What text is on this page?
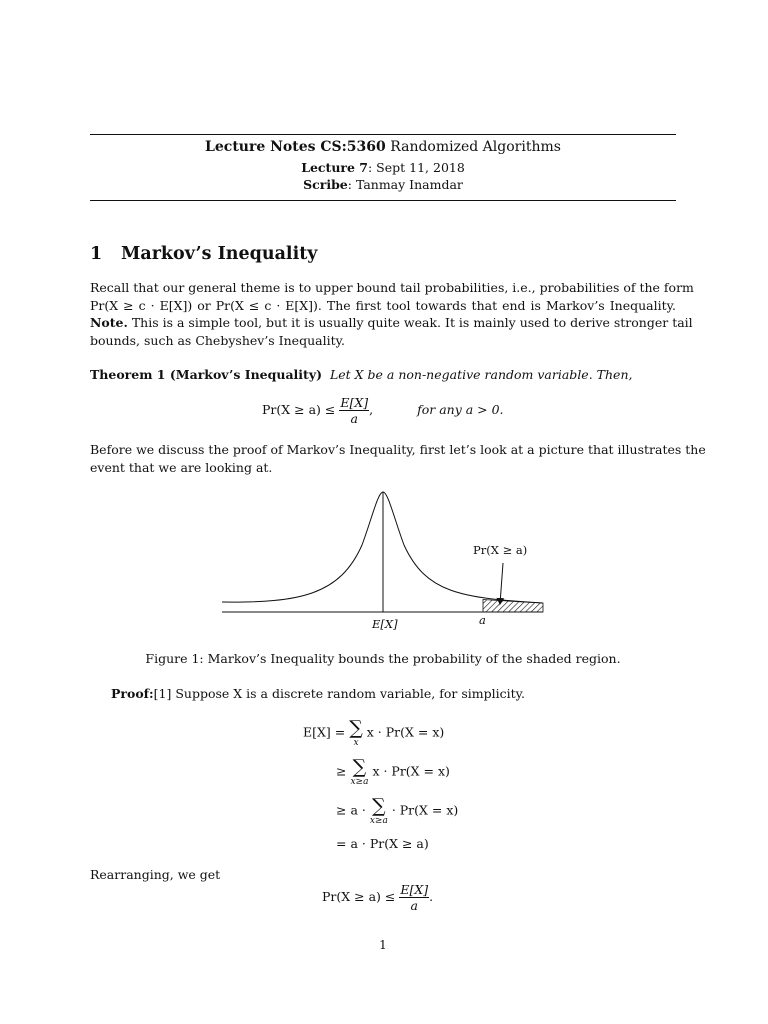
Lecture Notes CS:5360 Randomized Algorithms
Lecture 7: Sept 11, 2018
Scribe: Tanmay Inamdar
1 Markov’s Inequality
Recall that our general theme is to upper bound tail probabilities, i.e., probabilities of the form
Pr(X ≥ c · E[X]) or Pr(X ≤ c · E[X]). The first tool towards that end is Markov’s Inequality.
Note. This is a simple tool, but it is usually quite weak. It is mainly used to derive stronger tail
bounds, such as Chebyshev’s Inequality.
Theorem 1 (Markov’s Inequality) Let X be a non-negative random variable. Then,
$Pr(X \ge a) \le \frac{E[X]}{a}$ ,	for any a > 0.
Before we discuss the proof of Markov’s Inequality, first let’s look at a picture that illustrates the
event that we are looking at.
Pr(X ≥ a)
E[X]	a
Figure 1: Markov’s Inequality bounds the probability of the shaded region.
Proof:[1] Suppose X is a discrete random variable, for simplicity.
E[X] = ∑
x
x · Pr(X = x)
≥ ∑
x≥a
x · Pr(X = x)
≥ a · ∑
x≥a
· Pr(X = x)
= a · Pr(X ≥ a)
Rearranging, we get
$Pr(X \ge a) \le \frac{E[X]}{a}$ .
1
